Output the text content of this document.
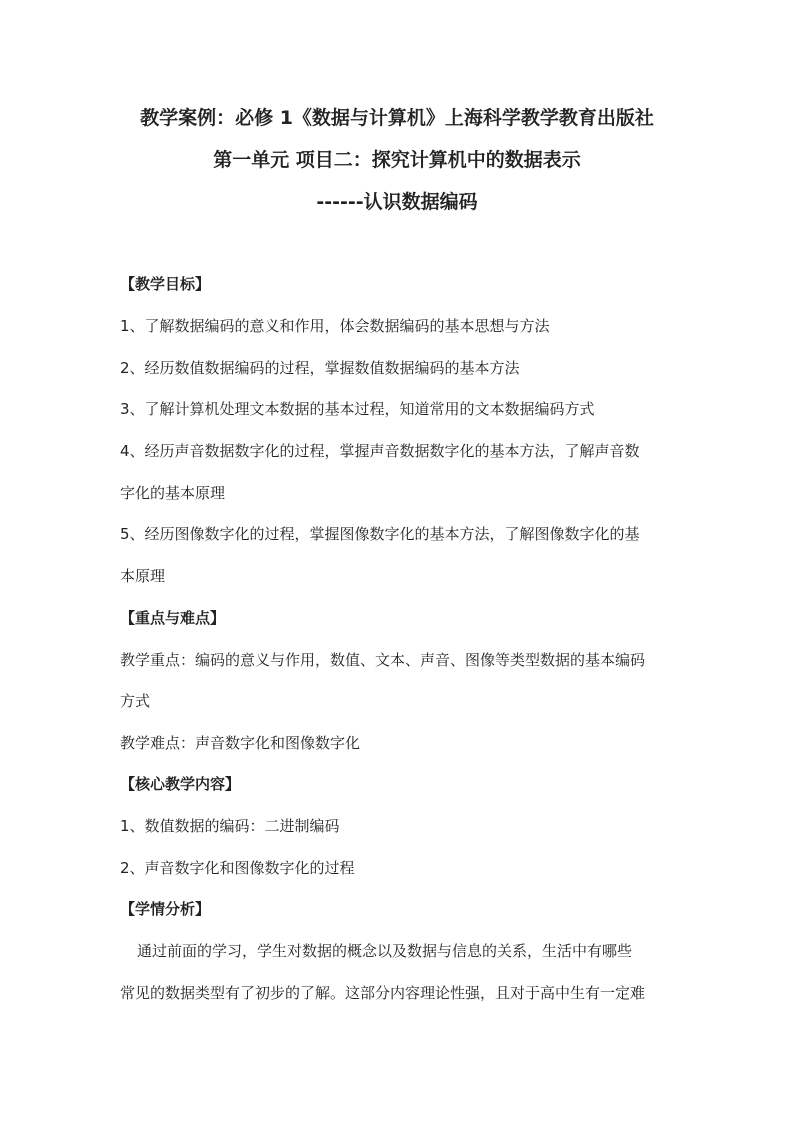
教学案例：必修 1《数据与计算机》上海科学教学教育出版社
第一单元 项目二：探究计算机中的数据表示
------认识数据编码
【教学目标】
1、了解数据编码的意义和作用，体会数据编码的基本思想与方法
2、经历数值数据编码的过程，掌握数值数据编码的基本方法
3、了解计算机处理文本数据的基本过程，知道常用的文本数据编码方式
4、经历声音数据数字化的过程，掌握声音数据数字化的基本方法，了解声音数
字化的基本原理
5、经历图像数字化的过程，掌握图像数字化的基本方法，了解图像数字化的基
本原理
【重点与难点】
教学重点：编码的意义与作用，数值、文本、声音、图像等类型数据的基本编码
方式
教学难点：声音数字化和图像数字化
【核心教学内容】
1、数值数据的编码：二进制编码
2、声音数字化和图像数字化的过程
【学情分析】
通过前面的学习，学生对数据的概念以及数据与信息的关系，生活中有哪些
常见的数据类型有了初步的了解。这部分内容理论性强，且对于高中生有一定难
